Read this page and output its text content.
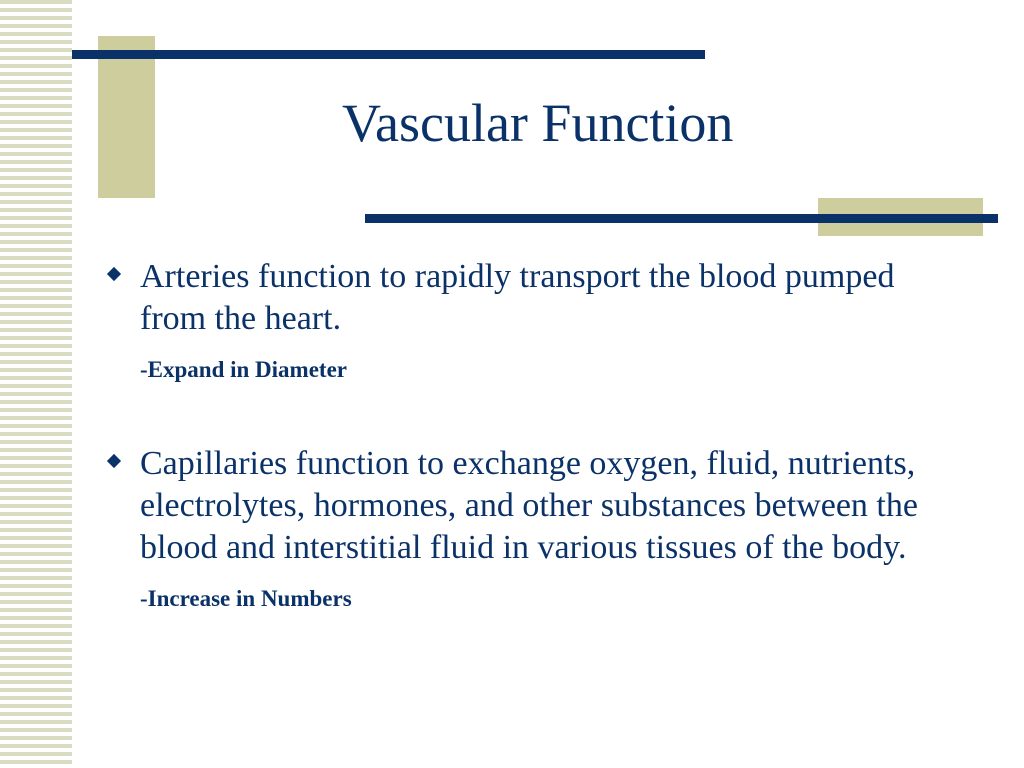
Vascular Function
Arteries function to rapidly transport the blood pumped from the heart.
-Expand in Diameter
Capillaries function to exchange oxygen, fluid, nutrients, electrolytes, hormones, and other substances between the blood and interstitial fluid in various tissues of the body.
-Increase in Numbers
